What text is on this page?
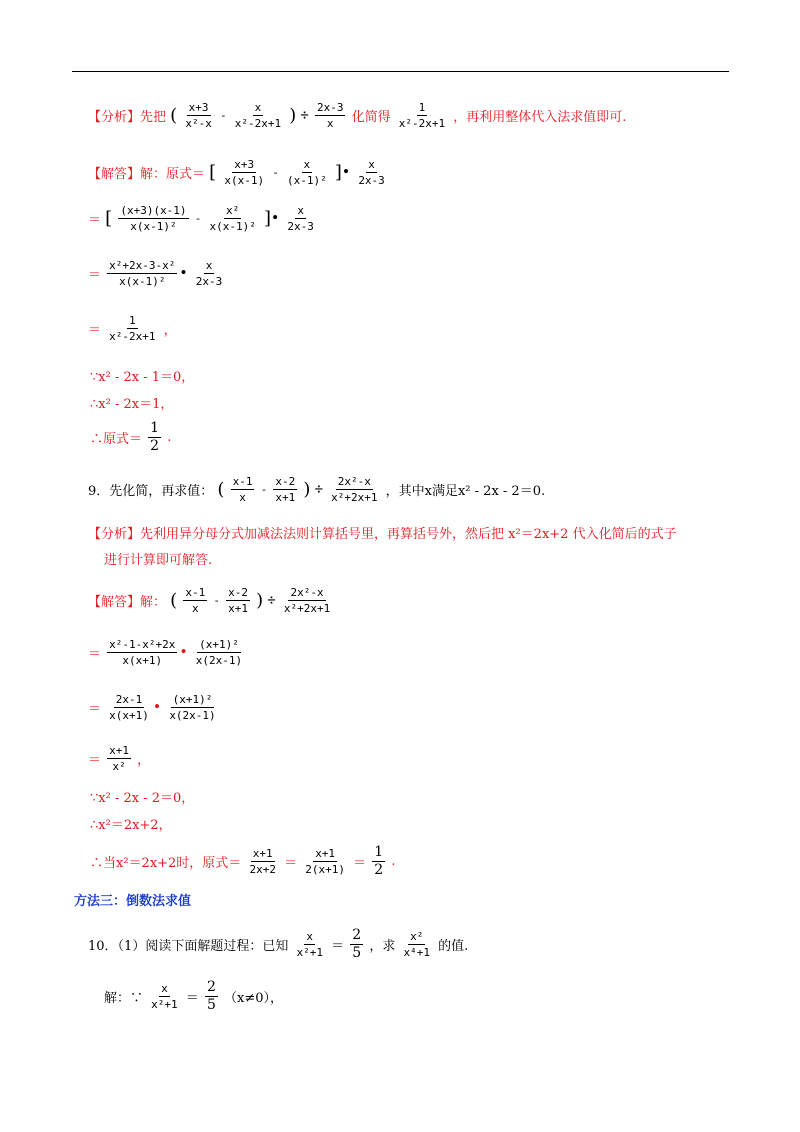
【分析】先把 ( $\frac{x+3}{\text{x²-x}} - \frac{x}{\text{x²-2x+1}}$ ) ÷ $\frac{2x-3}{x}$ 化简得 $\frac{1}{\text{x²-2x+1}}$ ，再利用整体代入法求值即可.
【解答】解：原式＝ [ $\frac{x+3}{x(x-1)} - \frac{x}{\text{(x-1)²}}$ ]• $\frac{x}{2x-3}$
＝ [ $\frac{(x+3)(x-1)}{\text{x(x-1)²}} - \frac{\text{x²}}{\text{x(x-1)²}}$ ]• $\frac{x}{2x-3}$
＝ $\frac{\text{x²+2x-3-x²}}{\text{x(x-1)²}}$ • $\frac{x}{2x-3}$
＝ $\frac{1}{\text{x²-2x+1}}$ ，
∵x² - 2x - 1＝0，
∴x² - 2x＝1，
∴原式＝ $\frac{1}{2}$ .
9．先化简，再求值： ( $\frac{x-1}{x} - \frac{x-2}{x+1}$ ) ÷ $\frac{\text{2x²-x}}{\text{x²+2x+1}}$ ，其中x满足x² - 2x - 2＝0.
【分析】先利用异分母分式加减法法则计算括号里，再算括号外，然后把 x²＝2x+2 代入化简后的式子
进行计算即可解答.
【解答】解： ( $\frac{x-1}{x} - \frac{x-2}{x+1}$ ) ÷ $\frac{\text{2x²-x}}{\text{x²+2x+1}}$
＝ $\frac{\text{x²-1-x²+2x}}{x(x+1)}$ • $\frac{\text{(x+1)²}}{x(2x-1)}$
＝ $\frac{2x-1}{x(x+1)}$ • $\frac{\text{(x+1)²}}{x(2x-1)}$
＝ $\frac{x+1}{\text{x²}}$ ，
∵x² - 2x - 2＝0，
∴x²＝2x+2，
∴当x²＝2x+2时，原式＝ $\frac{x+1}{2x+2} = \frac{x+1}{2(x+1)} = \frac{1}{2}$ .
方法三：倒数法求值
10．（1）阅读下面解题过程：已知 $\frac{x}{\text{x²+1}} = \frac{2}{5}$ ，求 $\frac{\text{x²}}{\text{x⁴+1}}$ 的值.
解：∵ $\frac{x}{\text{x²+1}} = \frac{2}{5} (x\ne 0)$，
